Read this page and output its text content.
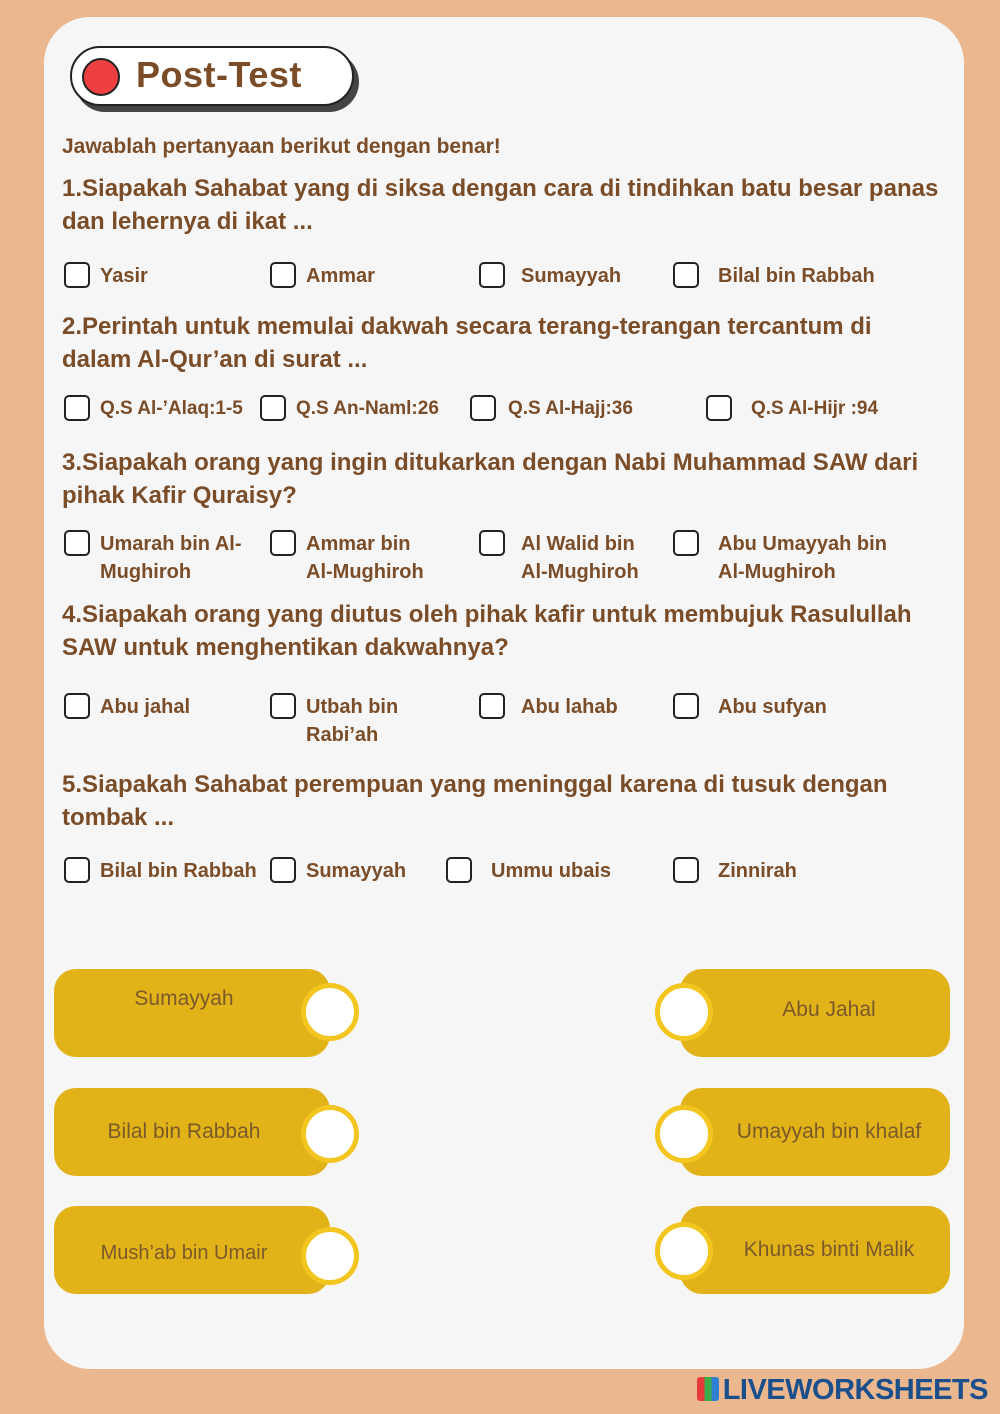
Post-Test
Jawablah pertanyaan berikut dengan benar!
1.Siapakah Sahabat yang di siksa dengan cara di tindihkan batu besar panas dan lehernya di ikat ...
Yasir	Ammar	Sumayyah	Bilal bin Rabbah
2.Perintah untuk memulai dakwah secara terang-terangan tercantum di dalam Al-Qur’an di surat ...
Q.S Al-’Alaq:1-5	Q.S An-Naml:26	Q.S Al-Hajj:36	Q.S Al-Hijr :94
3.Siapakah orang yang ingin ditukarkan dengan Nabi Muhammad SAW dari pihak Kafir Quraisy?
Umarah bin Al-
Mughiroh
Ammar bin
Al-Mughiroh
Al Walid bin
Al-Mughiroh
Abu Umayyah bin
Al-Mughiroh
4.Siapakah orang yang diutus oleh pihak kafir untuk membujuk Rasulullah SAW untuk menghentikan dakwahnya?
Abu jahal	Utbah bin
Rabi’ah
Abu lahab	Abu sufyan
5.Siapakah Sahabat perempuan yang meninggal karena di tusuk dengan tombak ...
Bilal bin Rabbah Sumayyah	Ummu ubais	Zinnirah
Sumayyah
Bilal bin Rabbah
Mush’ab bin Umair
Abu Jahal
Umayyah bin khalaf
Khunas binti Malik
LIVEWORKSHEETS
